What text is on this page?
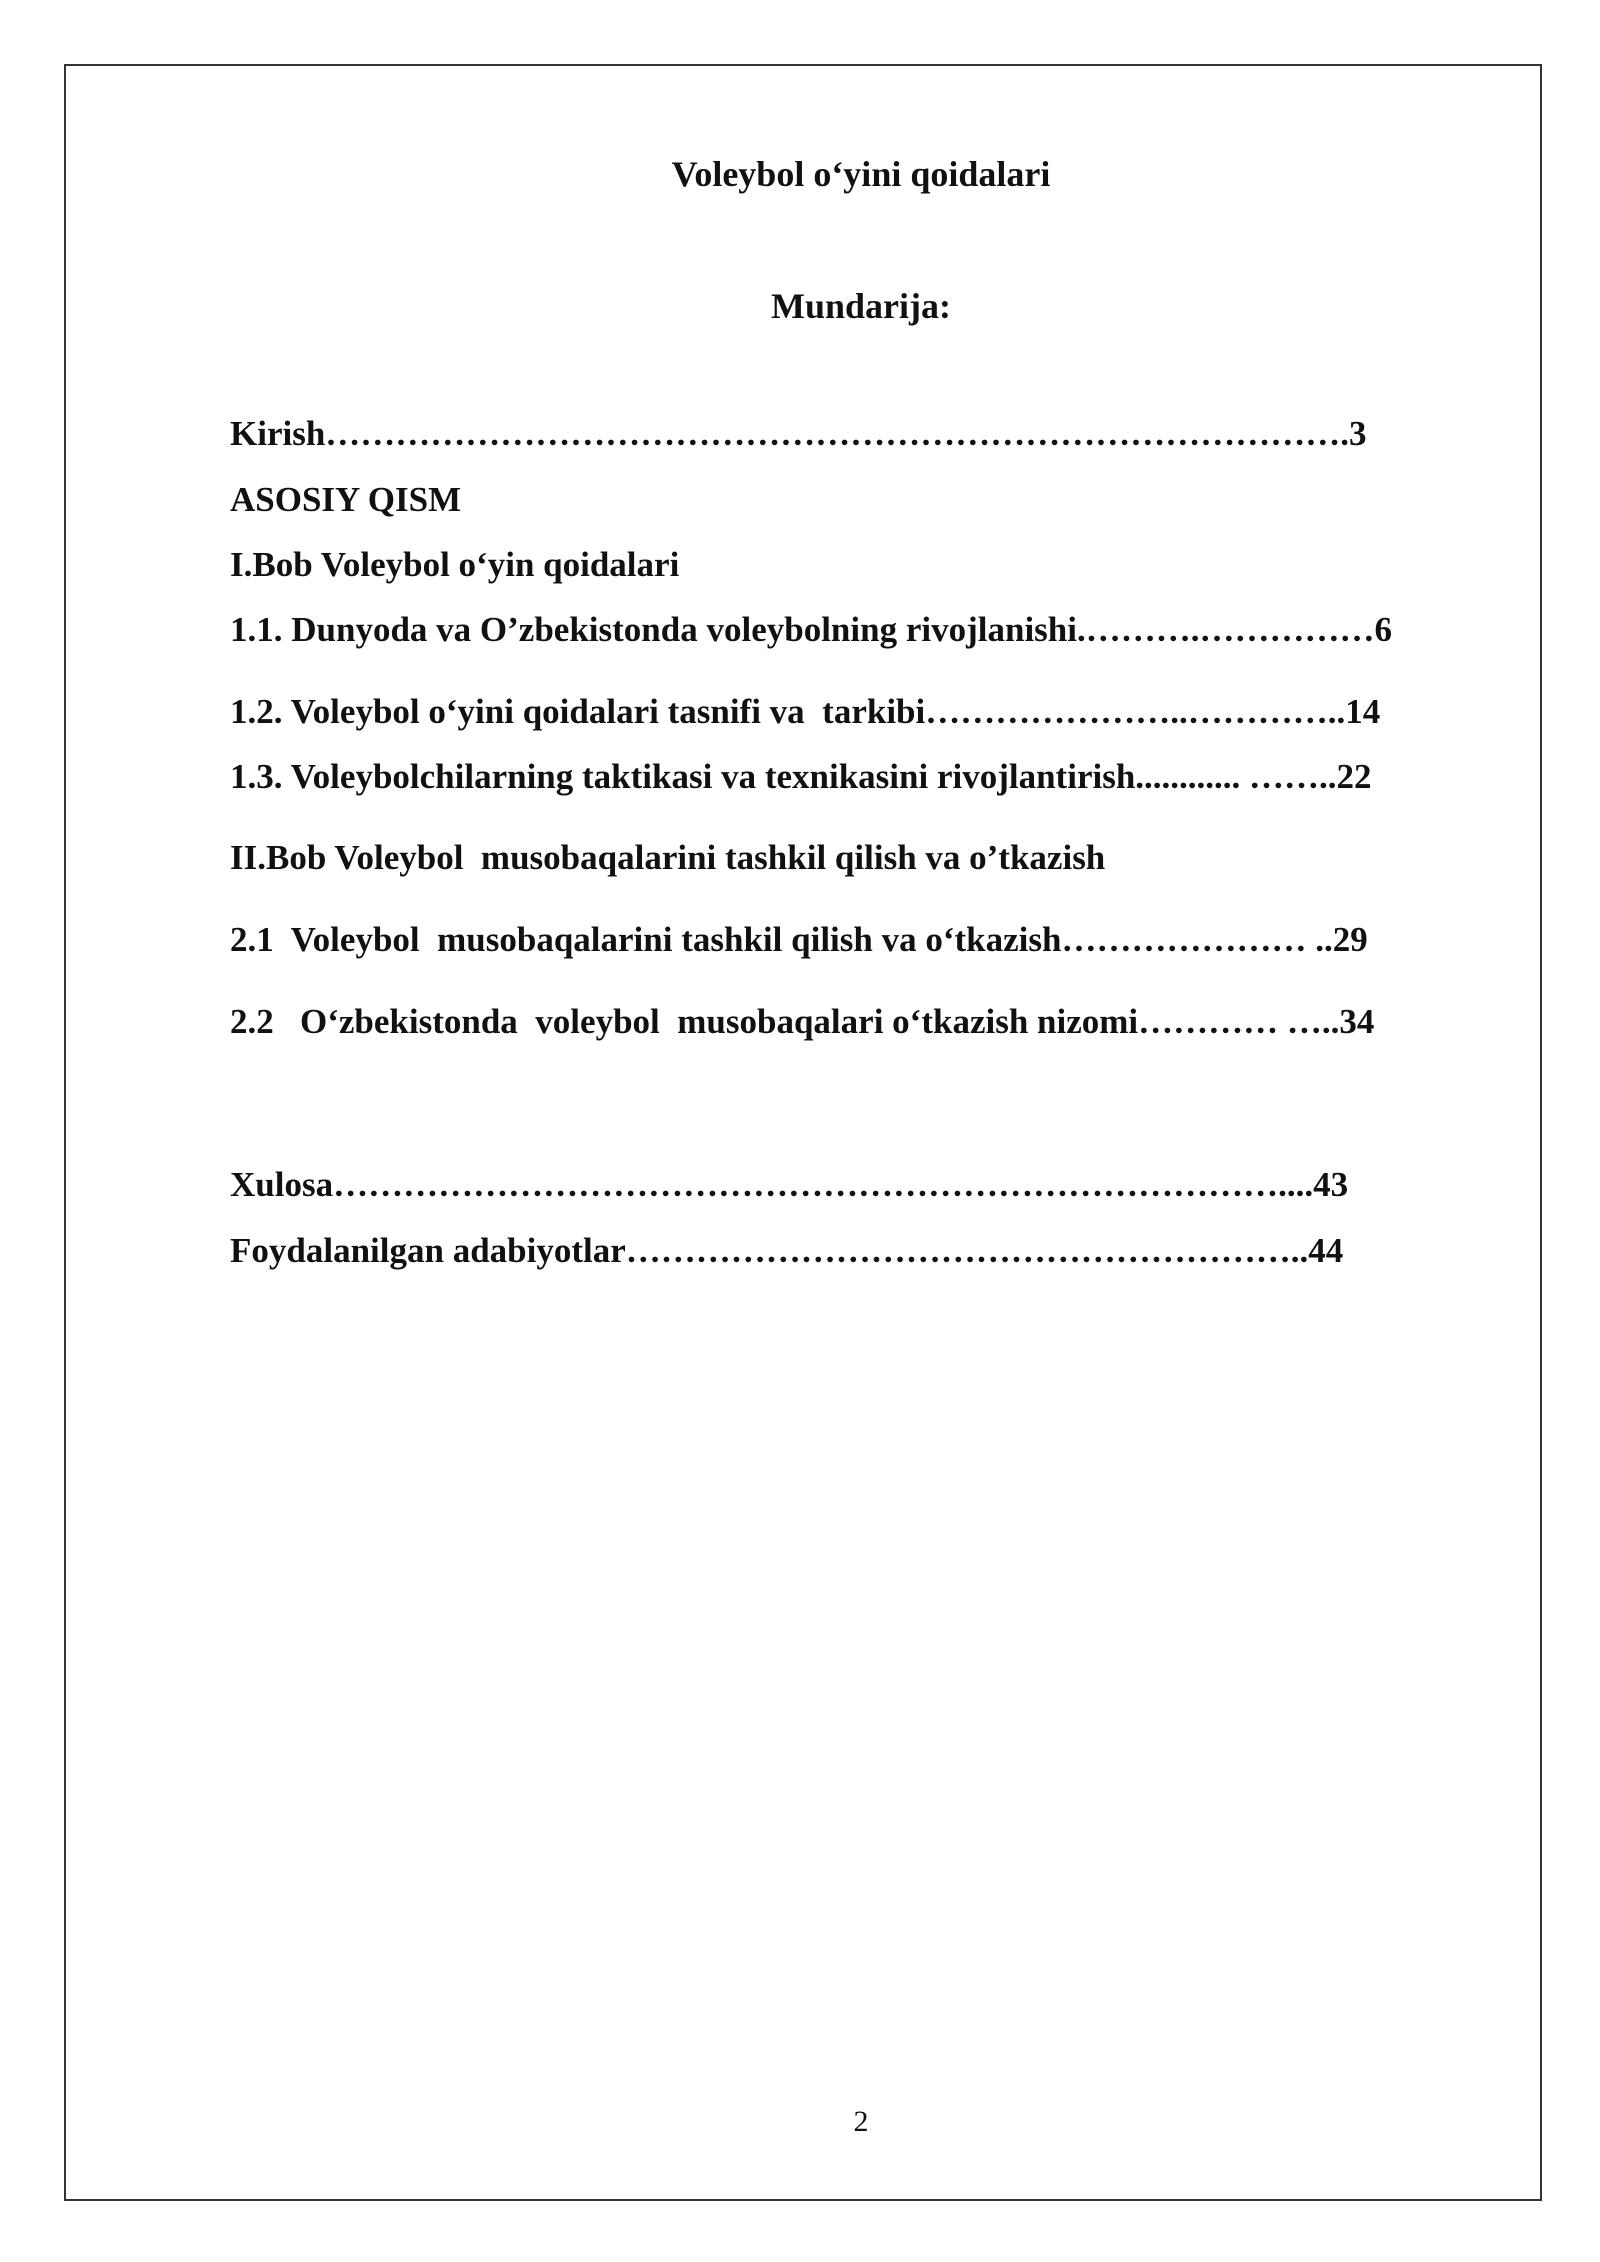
Voleybol o‘yini qoidalari
Mundarija:
Kirish…………………………………………………………………………….3
ASOSIY QISM
I.Bob Voleybol o‘yin qoidalari
1.1. Dunyoda va O’zbekistonda voleybolning rivojlanishi.……….……………6
1.2. Voleybol o‘yini qoidalari tasnifi va  tarkibi…………………..…………..14
1.3. Voleybolchilarning taktikasi va texnikasini rivojlantirish............ ……..22
II.Bob Voleybol  musobaqalarini tashkil qilish va o’tkazish
2.1  Voleybol  musobaqalarini tashkil qilish va o‘tkazish………………… ..29
2.2   O‘zbekistonda  voleybol  musobaqalari o‘tkazish nizomi………… …..34
Xulosa………………………………………………………………………....43
Foydalanilgan adabiyotlar…………………………………………………..44
2
